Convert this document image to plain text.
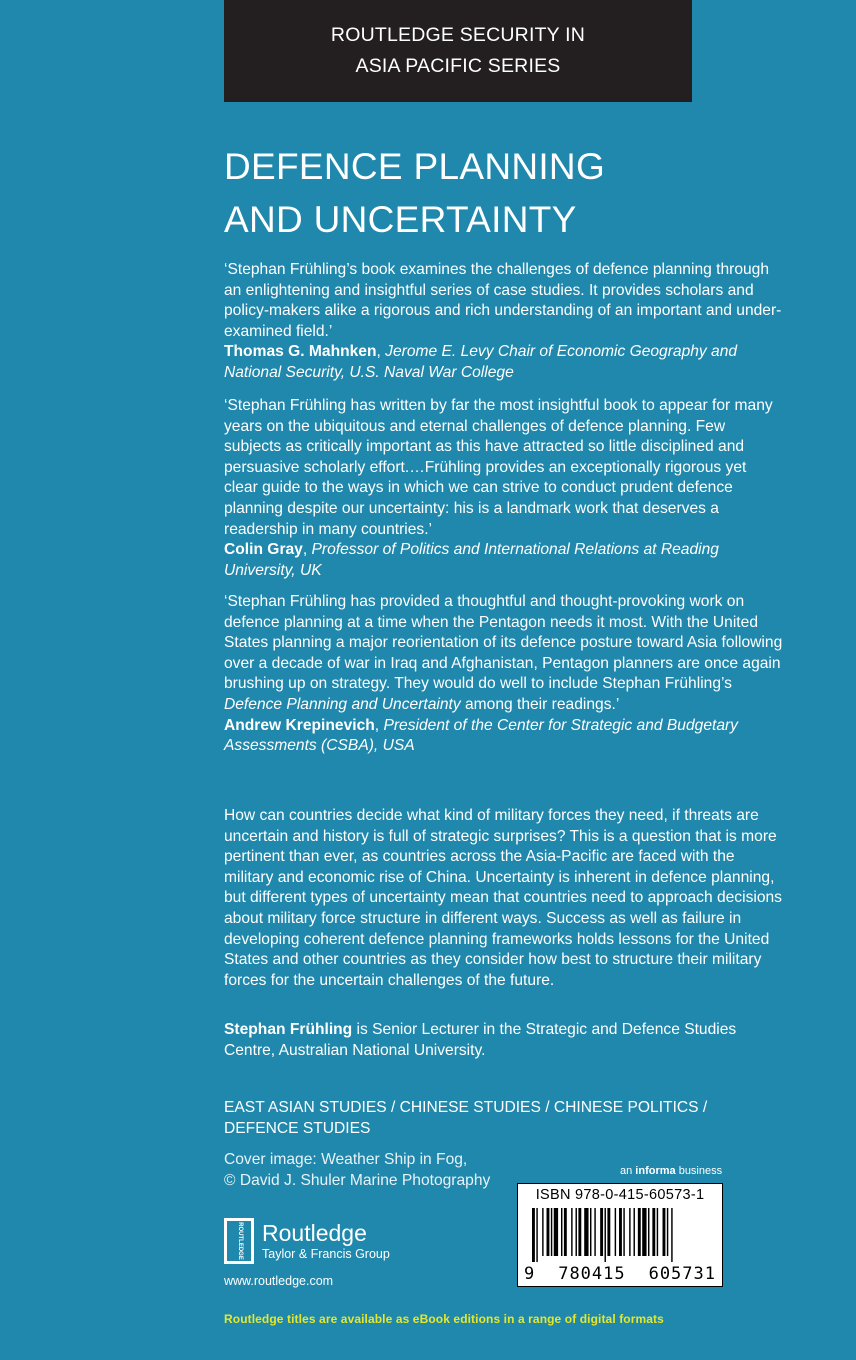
ROUTLEDGE SECURITY IN
ASIA PACIFIC SERIES
DEFENCE PLANNING
AND UNCERTAINTY
‘Stephan Frühling’s book examines the challenges of defence planning through an enlightening and insightful series of case studies. It provides scholars and policy-makers alike a rigorous and rich understanding of an important and under-examined field.’
Thomas G. Mahnken, Jerome E. Levy Chair of Economic Geography and National Security, U.S. Naval War College
‘Stephan Frühling has written by far the most insightful book to appear for many years on the ubiquitous and eternal challenges of defence planning. Few subjects as critically important as this have attracted so little disciplined and persuasive scholarly effort.…Frühling provides an exceptionally rigorous yet clear guide to the ways in which we can strive to conduct prudent defence planning despite our uncertainty: his is a landmark work that deserves a readership in many countries.’
Colin Gray, Professor of Politics and International Relations at Reading University, UK
‘Stephan Frühling has provided a thoughtful and thought-provoking work on defence planning at a time when the Pentagon needs it most. With the United States planning a major reorientation of its defence posture toward Asia following over a decade of war in Iraq and Afghanistan, Pentagon planners are once again brushing up on strategy. They would do well to include Stephan Frühling’s Defence Planning and Uncertainty among their readings.’
Andrew Krepinevich, President of the Center for Strategic and Budgetary Assessments (CSBA), USA
How can countries decide what kind of military forces they need, if threats are uncertain and history is full of strategic surprises? This is a question that is more pertinent than ever, as countries across the Asia-Pacific are faced with the military and economic rise of China. Uncertainty is inherent in defence planning, but different types of uncertainty mean that countries need to approach decisions about military force structure in different ways. Success as well as failure in developing coherent defence planning frameworks holds lessons for the United States and other countries as they consider how best to structure their military forces for the uncertain challenges of the future.
Stephan Frühling is Senior Lecturer in the Strategic and Defence Studies Centre, Australian National University.
EAST ASIAN STUDIES / CHINESE STUDIES / CHINESE POLITICS /
DEFENCE STUDIES
Cover image: Weather Ship in Fog,
© David J. Shuler Marine Photography
an informa business
ISBN 978-0-415-60573-1
9 780415 605731
ROUTLEDGE Routledge
Taylor & Francis Group
www.routledge.com
Routledge titles are available as eBook editions in a range of digital formats
